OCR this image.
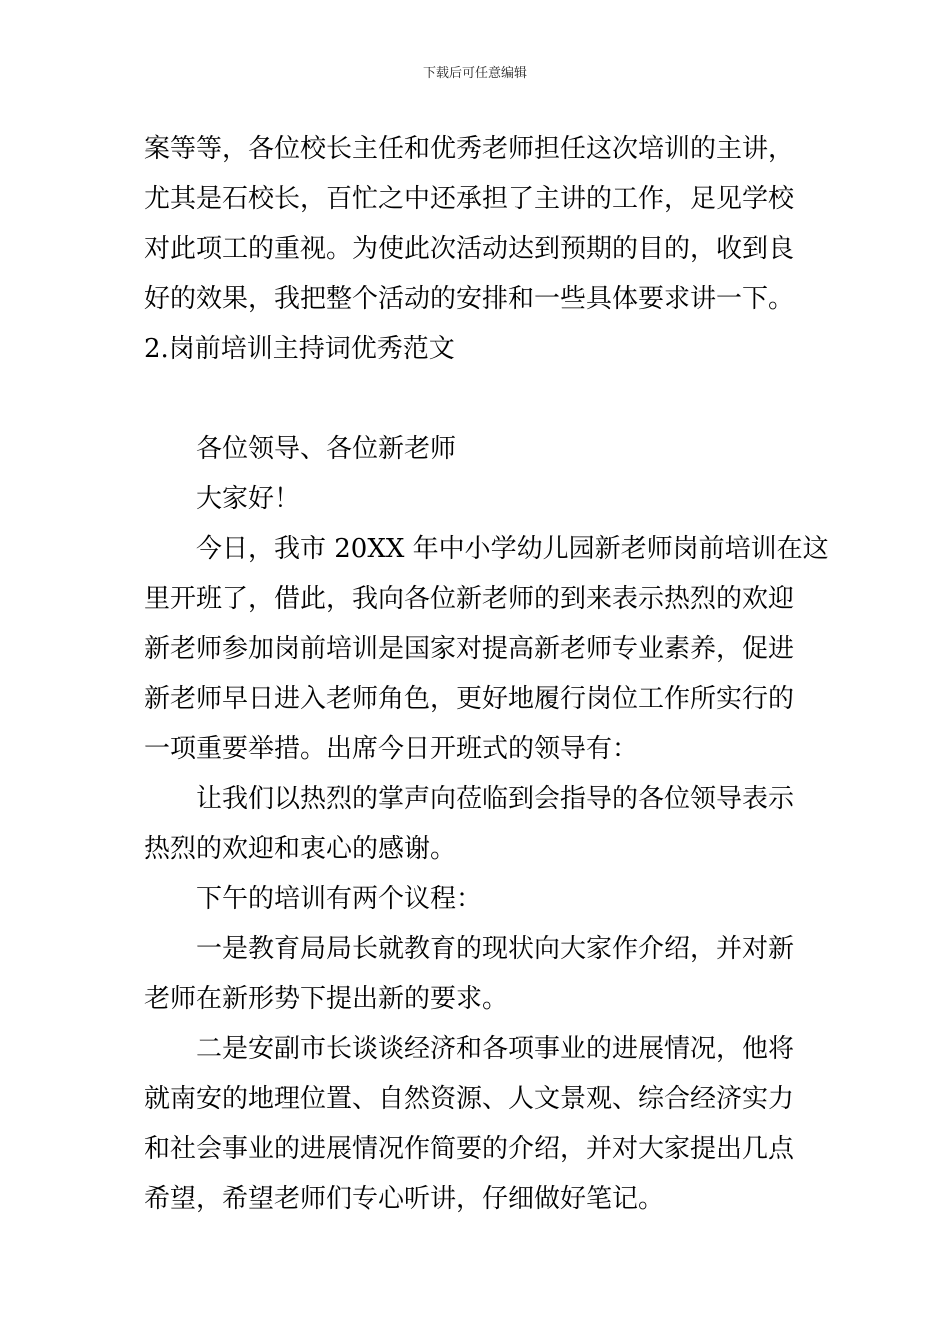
下载后可任意编辑
案等等，各位校长主任和优秀老师担任这次培训的主讲，
尤其是石校长，百忙之中还承担了主讲的工作，足见学校
对此项工的重视。为使此次活动达到预期的目的，收到良
好的效果，我把整个活动的安排和一些具体要求讲一下。
2.岗前培训主持词优秀范文
各位领导、各位新老师
大家好！
今日，我市 20XX 年中小学幼儿园新老师岗前培训在这
里开班了，借此，我向各位新老师的到来表示热烈的欢迎
新老师参加岗前培训是国家对提高新老师专业素养，促进
新老师早日进入老师角色，更好地履行岗位工作所实行的
一项重要举措。出席今日开班式的领导有：
让我们以热烈的掌声向莅临到会指导的各位领导表示
热烈的欢迎和衷心的感谢。
下午的培训有两个议程：
一是教育局局长就教育的现状向大家作介绍，并对新
老师在新形势下提出新的要求。
二是安副市长谈谈经济和各项事业的进展情况，他将
就南安的地理位置、自然资源、人文景观、综合经济实力
和社会事业的进展情况作简要的介绍，并对大家提出几点
希望，希望老师们专心听讲，仔细做好笔记。
